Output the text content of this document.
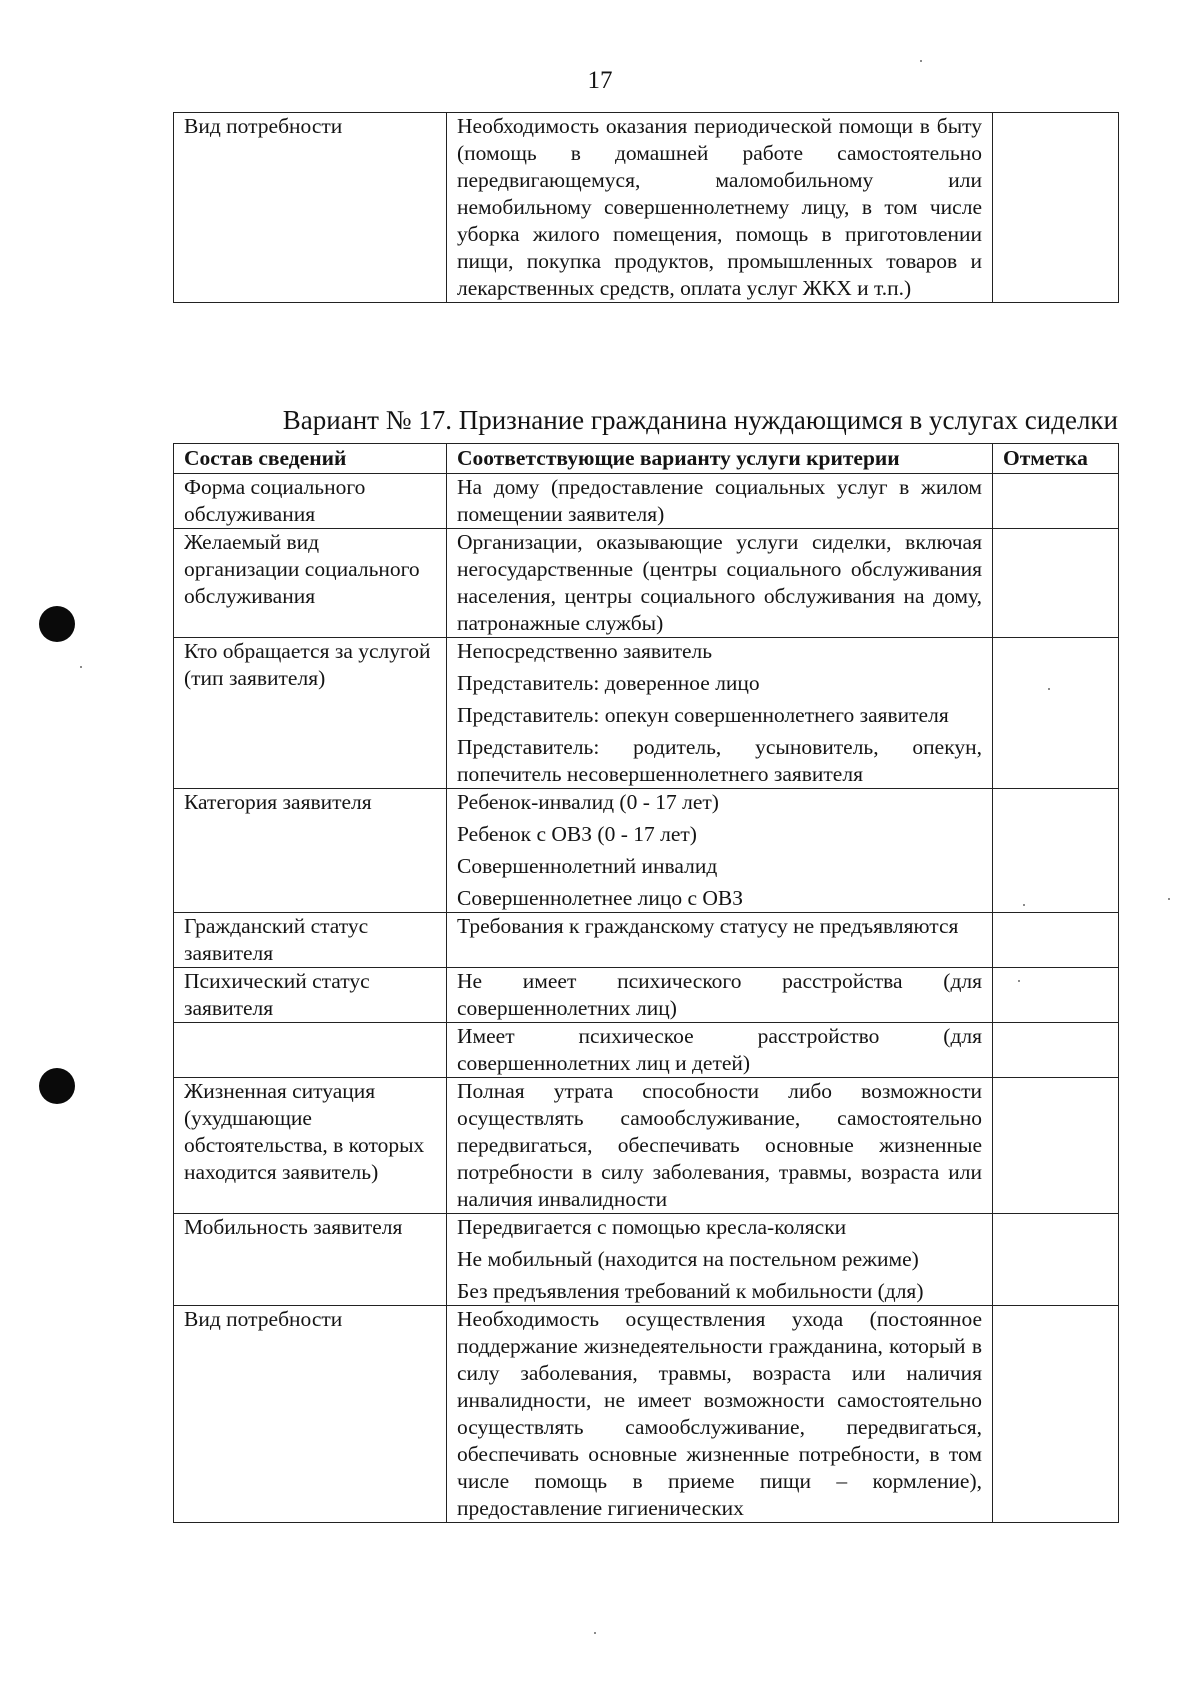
17
Вид потребности	Необходимость оказания периодической помощи в быту (помощь в домашней работе самостоятельно передвигающемуся, маломобильному или немобильному совершеннолетнему лицу, в том числе уборка жилого помещения, помощь в приготовлении пищи, покупка продуктов, промышленных товаров и лекарственных средств, оплата услуг ЖКХ и т.п.)

Вариант № 17. Признание гражданина нуждающимся в услугах сиделки
Состав сведений	Соответствующие варианту услуги критерии	Отметка
Форма социального обслуживания	На дому (предоставление социальных услуг в жилом помещении заявителя)	

Желаемый вид организации социального обслуживания	Организации, оказывающие услуги сиделки, включая негосударственные (центры социального обслуживания населения, центры социального обслуживания на дому, патронажные службы)	

Кто обращается за услугой (тип заявителя)	Непосредственно заявитель
Представитель: доверенное лицо
Представитель: опекун совершеннолетнего заявителя
Представитель: родитель, усыновитель, опекун, попечитель несовершеннолетнего заявителя	

Категория заявителя	Ребенок-инвалид (0 - 17 лет)
Ребенок с ОВЗ (0 - 17 лет)
Совершеннолетний инвалид
Совершеннолетнее лицо с ОВЗ	

Гражданский статус заявителя	Требования к гражданскому статусу не предъявляются	

Психический статус заявителя	Не имеет психического расстройства (для совершеннолетних лиц)	

	Имеет психическое расстройство (для совершеннолетних лиц и детей)	

Жизненная ситуация (ухудшающие обстоятельства, в которых находится заявитель)	Полная утрата способности либо возможности осуществлять самообслуживание, самостоятельно передвигаться, обеспечивать основные жизненные потребности в силу заболевания, травмы, возраста или наличия инвалидности	

Мобильность заявителя	Передвигается с помощью кресла-коляски
Не мобильный (находится на постельном режиме)
Без предъявления требований к мобильности (для)	

Вид потребности	Необходимость осуществления ухода (постоянное поддержание жизнедеятельности гражданина, который в силу заболевания, травмы, возраста или наличия инвалидности, не имеет возможности самостоятельно осуществлять самообслуживание, передвигаться, обеспечивать основные жизненные потребности, в том числе помощь в приеме пищи – кормление), предоставление гигиенических	
